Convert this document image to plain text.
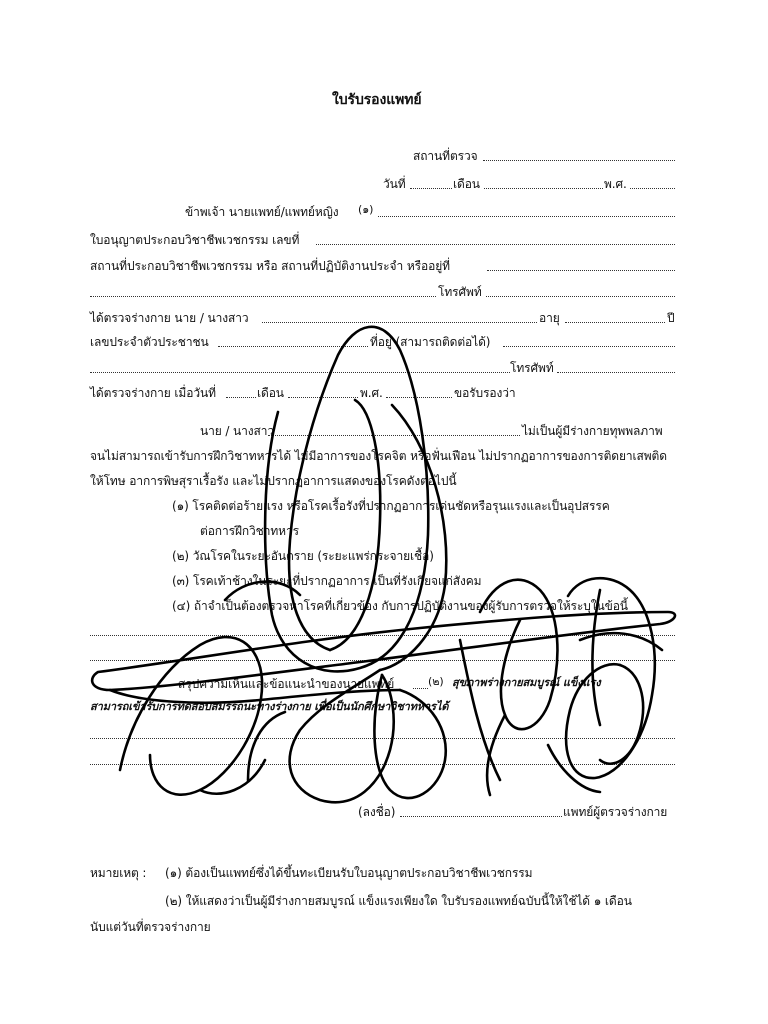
ใบรับรองแพทย์
สถานที่ตรวจ
วันที่	เดือน	พ.ศ.
ข้าพเจ้า นายแพทย์/แพทย์หญิง (๑)
ใบอนุญาตประกอบวิชาชีพเวชกรรม เลขที่
สถานที่ประกอบวิชาชีพเวชกรรม หรือ สถานที่ปฏิบัติงานประจำ หรืออยู่ที่
โทรศัพท์
ได้ตรวจร่างกาย นาย / นางสาว	อายุ	ปี
เลขประจำตัวประชาชน	ที่อยู่ (สามารถติดต่อได้)
โทรศัพท์
ได้ตรวจร่างกาย เมื่อวันที่	เดือน	พ.ศ.	ขอรับรองว่า
นาย / นางสาว	ไม่เป็นผู้มีร่างกายทุพพลภาพ
จนไม่สามารถเข้ารับการฝึกวิชาทหารได้ ไม่มีอาการของโรคจิต หรือฟั่นเฟือน ไม่ปรากฏอาการของการติดยาเสพติด
ให้โทษ อาการพิษสุราเรื้อรัง และไม่ปรากฏอาการแสดงของโรคดังต่อไปนี้
(๑) โรคติดต่อร้ายแรง หรือโรคเรื้อรังที่ปรากฏอาการเด่นชัดหรือรุนแรงและเป็นอุปสรรค
ต่อการฝึกวิชาทหาร
(๒) วัณโรคในระยะอันตราย (ระยะแพร่กระจายเชื้อ)
(๓) โรคเท้าช้างในระยะที่ปรากฏอาการ เป็นที่รังเกียจแก่สังคม
(๔) ถ้าจำเป็นต้องตรวจหาโรคที่เกี่ยวข้อง กับการปฏิบัติงานของผู้รับการตรวจให้ระบุในข้อนี้
สรุปความเห็นและข้อแนะนำของนายแพทย์	(๒) สุขภาพร่างกายสมบูรณ์ แข็งแรง
สามารถเข้ารับการทดสอบสมรรถนะทางร่างกาย เพื่อเป็นนักศึกษาวิชาทหารได้
(ลงชื่อ)	แพทย์ผู้ตรวจร่างกาย
หมายเหตุ : (๑) ต้องเป็นแพทย์ซึ่งได้ขึ้นทะเบียนรับใบอนุญาตประกอบวิชาชีพเวชกรรม
(๒) ให้แสดงว่าเป็นผู้มีร่างกายสมบูรณ์ แข็งแรงเพียงใด ใบรับรองแพทย์ฉบับนี้ให้ใช้ได้ ๑ เดือน
นับแต่วันที่ตรวจร่างกาย
